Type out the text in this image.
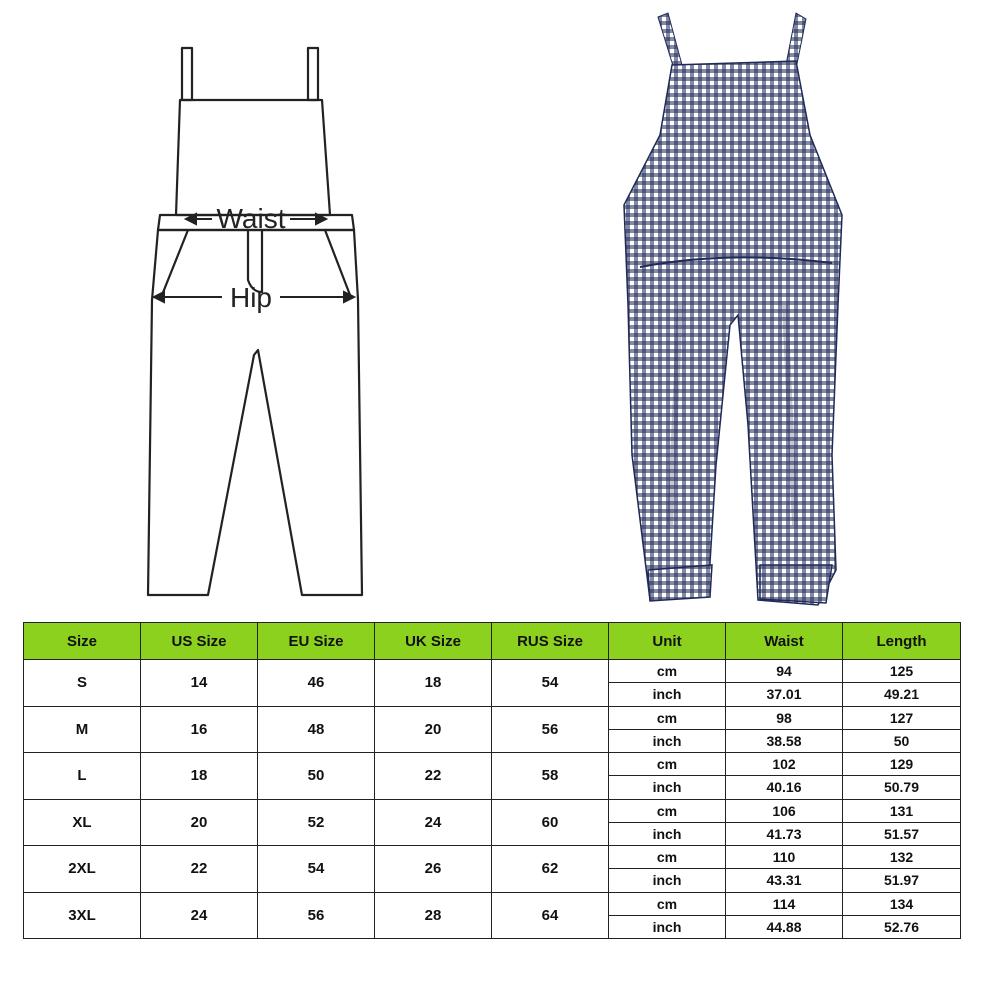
Waist
Hip
Size	US Size	EU Size	UK Size	RUS Size	Unit	Waist	Length
S	14	46	18	54	cm	94	125
					inch	37.01	49.21
M	16	48	20	56	cm	98	127
					inch	38.58	50
L	18	50	22	58	cm	102	129
					inch	40.16	50.79
XL	20	52	24	60	cm	106	131
					inch	41.73	51.57
2XL	22	54	26	62	cm	110	132
					inch	43.31	51.97
3XL	24	56	28	64	cm	114	134
					inch	44.88	52.76
